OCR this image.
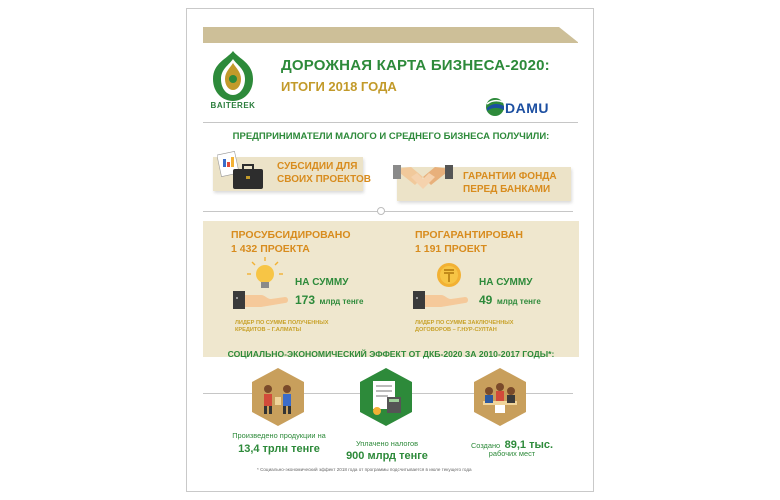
BAITEREK
ДОРОЖНАЯ КАРТА БИЗНЕСА-2020:
ИТОГИ 2018 ГОДА
DAMU
ПРЕДПРИНИМАТЕЛИ МАЛОГО И СРЕДНЕГО БИЗНЕСА ПОЛУЧИЛИ:
СУБСИДИИ ДЛЯ
СВОИХ ПРОЕКТОВ	ГАРАНТИИ ФОНДА
ПЕРЕД БАНКАМИ
ПРОСУБСИДИРОВАНО
1 432 ПРОЕКТА
НА СУММУ
173 млрд тенге
ЛИДЕР ПО СУММЕ ПОЛУЧЕННЫХ
КРЕДИТОВ – Г.АЛМАТЫ
ПРОГАРАНТИРОВАН
1 191 ПРОЕКТ
НА СУММУ
49 млрд тенге
ЛИДЕР ПО СУММЕ ЗАКЛЮЧЕННЫХ
ДОГОВОРОВ – Г.НУР-СУЛТАН
СОЦИАЛЬНО-ЭКОНОМИЧЕСКИЙ ЭФФЕКТ ОТ ДКБ-2020 ЗА 2010-2017 ГОДЫ*:
Произведено продукции на
13,4 трлн тенге	Уплачено налогов
900 млрд тенге
Создано 89,1 тыс.
рабочих мест
* Социально-экономический эффект 2018 года от программы подсчитывается в июле текущего года
